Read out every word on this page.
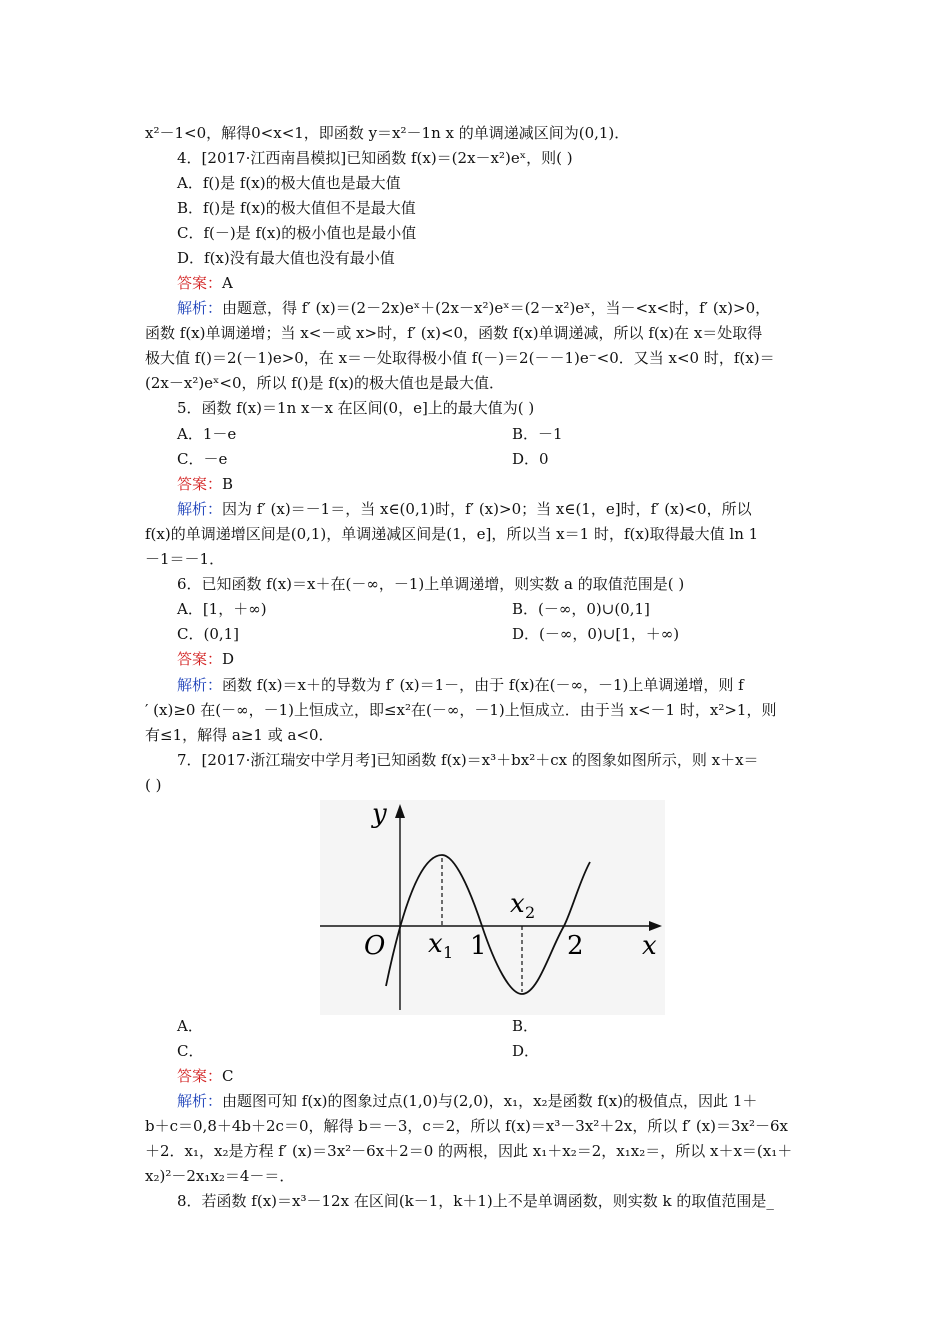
x²－1<0，解得0<x<1，即函数 y＝x²－1n x 的单调递减区间为(0,1)．
4．[2017·江西南昌模拟]已知函数 f(x)＝(2x－x²)eˣ，则( )
A．f()是 f(x)的极大值也是最大值
B．f()是 f(x)的极大值但不是最大值
C．f(－)是 f(x)的极小值也是最小值
D．f(x)没有最大值也没有最小值
答案：A
解析：由题意，得 f′ (x)＝(2－2x)eˣ＋(2x－x²)eˣ＝(2－x²)eˣ，当－<x<时，f′ (x)>0，
函数 f(x)单调递增；当 x<－或 x>时，f′ (x)<0，函数 f(x)单调递减，所以 f(x)在 x＝处取得
极大值 f()＝2(－1)e>0，在 x＝－处取得极小值 f(－)＝2(－－1)e⁻<0．又当 x<0 时，f(x)＝
(2x－x²)eˣ<0，所以 f()是 f(x)的极大值也是最大值．
5．函数 f(x)＝1n x－x 在区间(0，e]上的最大值为( )
A．1－e	B．－1
C．－e	D．0
答案：B
解析：因为 f′ (x)＝－1＝，当 x∈(0,1)时，f′ (x)>0；当 x∈(1，e]时，f′ (x)<0，所以
f(x)的单调递增区间是(0,1)，单调递减区间是(1，e]，所以当 x＝1 时，f(x)取得最大值 ln 1
－1＝－1．
6．已知函数 f(x)＝x＋在(－∞，－1)上单调递增，则实数 a 的取值范围是( )
A．[1，＋∞)	B．(－∞，0)∪(0,1]
C．(0,1]	D．(－∞，0)∪[1，＋∞)
答案：D
解析：函数 f(x)＝x＋的导数为 f′ (x)＝1－，由于 f(x)在(－∞，－1)上单调递增，则 f
′ (x)≥0 在(－∞，－1)上恒成立，即≤x²在(－∞，－1)上恒成立．由于当 x<－1 时，x²>1，则
有≤1，解得 a≥1 或 a<0．
7．[2017·浙江瑞安中学月考]已知函数 f(x)＝x³＋bx²＋cx 的图象如图所示，则 x＋x＝
( )
y
x
O x 1
x 2
1	2
A．	B．
C．	D．
答案：C
解析：由题图可知 f(x)的图象过点(1,0)与(2,0)，x₁，x₂是函数 f(x)的极值点，因此 1＋
b＋c＝0,8＋4b＋2c＝0，解得 b＝－3，c＝2，所以 f(x)＝x³－3x²＋2x，所以 f′ (x)＝3x²－6x
＋2．x₁，x₂是方程 f′ (x)＝3x²－6x＋2＝0 的两根，因此 x₁＋x₂＝2，x₁x₂＝，所以 x＋x＝(x₁＋
x₂)²－2x₁x₂＝4－＝．
8．若函数 f(x)＝x³－12x 在区间(k－1，k＋1)上不是单调函数，则实数 k 的取值范围是_
